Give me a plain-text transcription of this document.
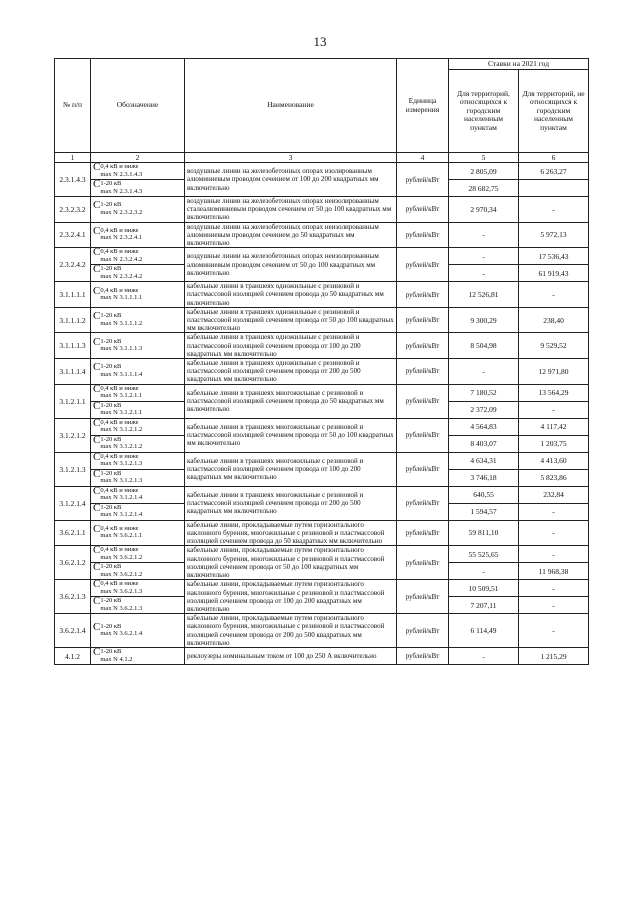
13
№ п/п	Обозначение	Наименование	Единица измерения	Ставки на 2021 год	
				Для территорий, относящихся к городским населенным пунктам	Для территорий, не относящихся к городским населенным пунктам
1	2	3	4	5	6
2.3.1.4.3	C 0,4 кВ и ниже
max N 2.3.1.4.3	воздушные линии на железобетонных опорах изолированным алюминиевым проводом сечением от 100 до 200 квадратных мм включительно	рублей/кВт	2 805,09	6 263,27

	C 1-20 кВ
max N 2.3.1.4.3			28 682,75	
2.3.2.3.2	C 1-20 кВ
max N 2.3.2.3.2	воздушные линии на железобетонных опорах неизолированным сталеалюминиевым проводом сечением от 50 до 100 квадратных мм включительно	рублей/кВт	2 970,34	-
2.3.2.4.1	C 0,4 кВ и ниже
max N 2.3.2.4.1	воздушные линии на железобетонных опорах неизолированным алюминиевым проводом сечением до 50 квадратных мм включительно	рублей/кВт	-	5 972,13
2.3.2.4.2	C 0,4 кВ и ниже
max N 2.3.2.4.2	воздушные линии на железобетонных опорах неизолированным алюминиевым проводом сечением от 50 до 100 квадратных мм включительно	рублей/кВт	-	17 536,43

	C 1-20 кВ
max N 2.3.2.4.2			-	61 919,43
3.1.1.1.1	C 0,4 кВ и ниже
max N 3.1.1.1.1	кабельные линии в траншеях одножильные с резиновой и пластмассовой изоляцией сечением провода до 50 квадратных мм включительно	рублей/кВт	12 526,81	-
3.1.1.1.2	C 1-20 кВ
max N 3.1.1.1.2	кабельные линии в траншеях одножильные с резиновой и пластмассовой изоляцией сечением провода от 50 до 100 квадратных мм включительно	рублей/кВт	9 300,29	238,40
3.1.1.1.3	C 1-20 кВ
max N 3.1.1.1.3	кабельные линии в траншеях одножильные с резиновой и пластмассовой изоляцией сечением провода от 100 до 200 квадратных мм включительно	рублей/кВт	8 504,98	9 529,52
3.1.1.1.4	C 1-20 кВ
max N 3.1.1.1.4	кабельные линии в траншеях одножильные с резиновой и пластмассовой изоляцией сечением провода от 200 до 500 квадратных мм включительно	рублей/кВт	-	12 971,80
3.1.2.1.1	C 0,4 кВ и ниже
max N 3.1.2.1.1	кабельные линии в траншеях многожильные с резиновой и пластмассовой изоляцией сечением провода до 50 квадратных мм включительно	рублей/кВт	7 180,52	13 564,29

	C 1-20 кВ
max N 3.1.2.1.1			2 372,09	-
3.1.2.1.2	C 0,4 кВ и ниже
max N 3.1.2.1.2	кабельные линии в траншеях многожильные с резиновой и пластмассовой изоляцией сечением провода от 50 до 100 квадратных мм включительно	рублей/кВт	4 564,83	4 117,42

	C 1-20 кВ
max N 3.1.2.1.2			8 403,07	1 203,75
3.1.2.1.3	C 0,4 кВ и ниже
max N 3.1.2.1.3	кабельные линии в траншеях многожильные с резиновой и пластмассовой изоляцией сечением провода от 100 до 200 квадратных мм включительно	рублей/кВт	4 634,31	4 413,60

	C 1-20 кВ
max N 3.1.2.1.3			3 746,18	5 823,86
3.1.2.1.4	C 0,4 кВ и ниже
max N 3.1.2.1.4	кабельные линии в траншеях многожильные с резиновой и пластмассовой изоляцией сечением провода от 200 до 500 квадратных мм включительно	рублей/кВт	640,55	232,84

	C 1-20 кВ
max N 3.1.2.1.4			1 594,57	-
3.6.2.1.1	C 0,4 кВ и ниже
max N 3.6.2.1.1	кабельные линии, прокладываемые путем горизонтального наклонного бурения, многожильные с резиновой и пластмассовой изоляцией сечением провода до 50 квадратных мм включительно	рублей/кВт	59 811,10	-
3.6.2.1.2	C 0,4 кВ и ниже
max N 3.6.2.1.2	кабельные линии, прокладываемые путем горизонтального наклонного бурения, многожильные с резиновой и пластмассовой изоляцией сечением провода от 50 до 100 квадратных мм включительно	рублей/кВт	55 525,65	-

	C 1-20 кВ
max N 3.6.2.1.2			-	11 968,38
3.6.2.1.3	C 0,4 кВ и ниже
max N 3.6.2.1.3	кабельные линии, прокладываемые путем горизонтального наклонного бурения, многожильные с резиновой и пластмассовой изоляцией сечением провода от 100 до 200 квадратных мм включительно	рублей/кВт	10 509,51	-

	C 1-20 кВ
max N 3.6.2.1.3			7 207,11	-
3.6.2.1.4	C 1-20 кВ
max N 3.6.2.1.4	кабельные линии, прокладываемые путем горизонтального наклонного бурения, многожильные с резиновой и пластмассовой изоляцией сечением провода от 200 до 500 квадратных мм включительно	рублей/кВт	6 114,49	-
4.1.2	C 1-20 кВ
max N 4.1.2	реклоузеры номинальным током от 100 до 250 А включительно	рублей/кВт	-	1 215,29
